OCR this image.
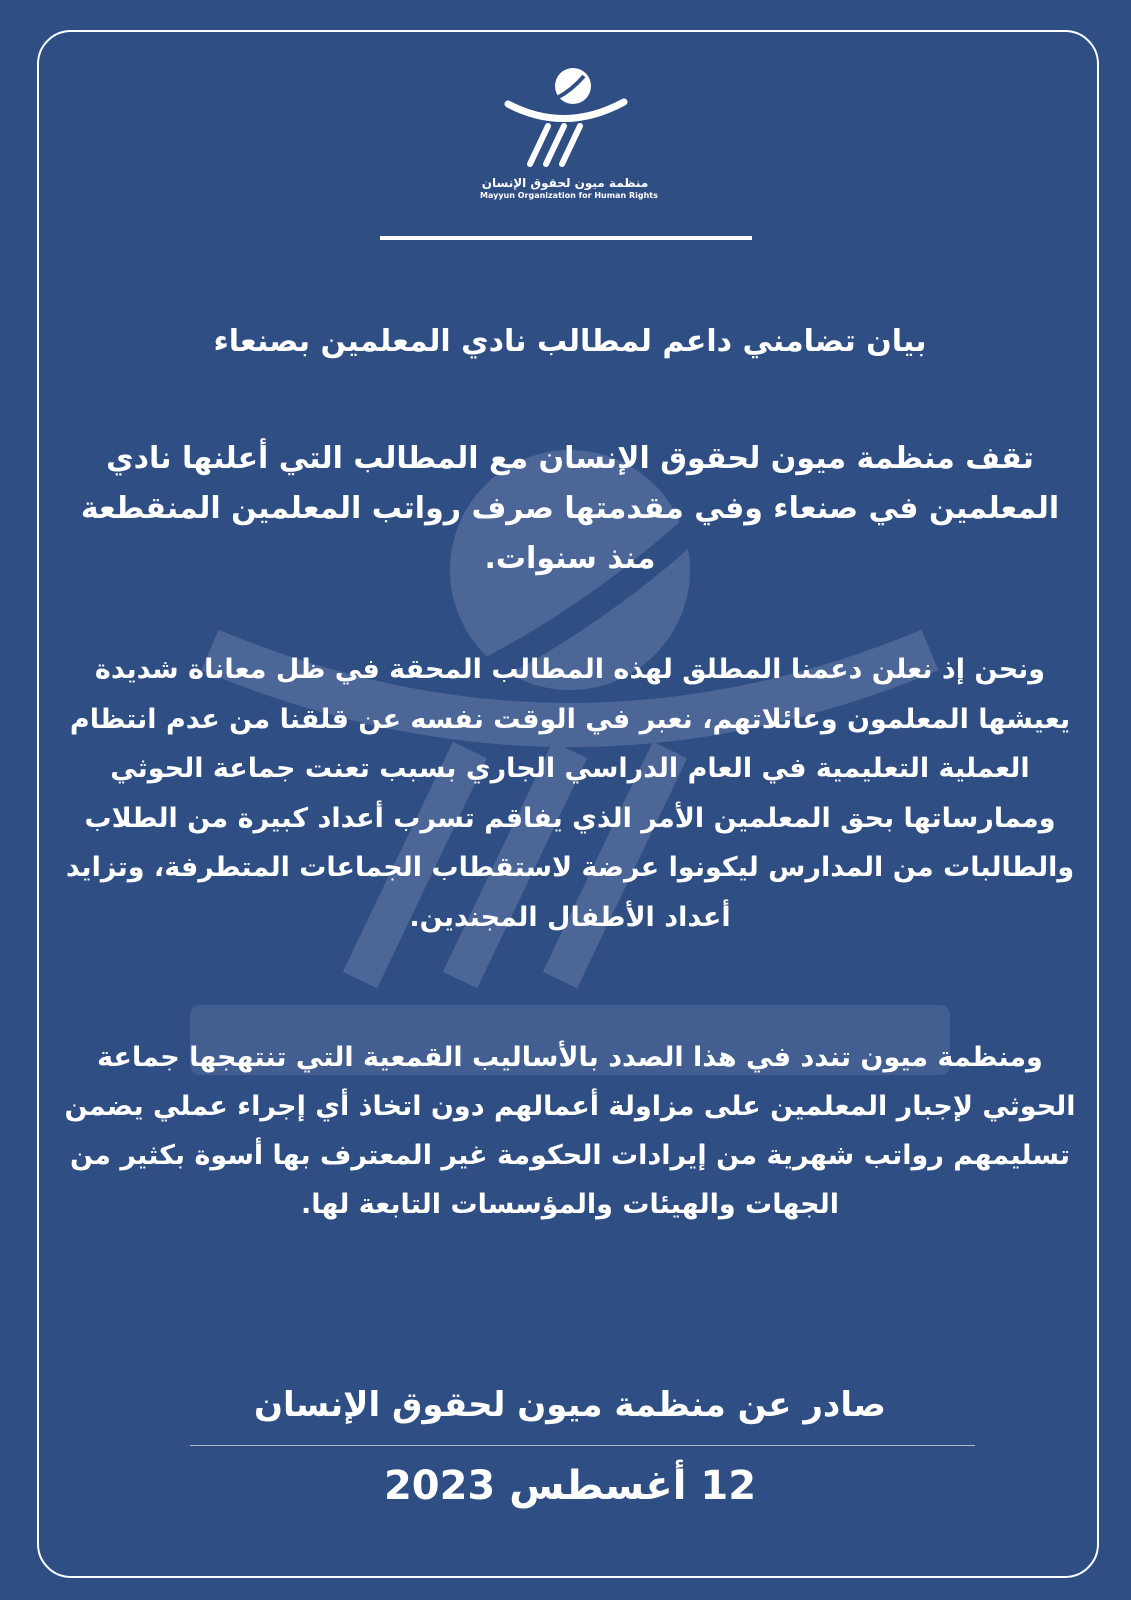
منظمة ميون لحقوق الإنسان
Mayyun Organization for Human Rights
بيان تضامني داعم لمطالب نادي المعلمين بصنعاء
تقف منظمة ميون لحقوق الإنسان مع المطالب التي أعلنها نادي المعلمين في صنعاء وفي مقدمتها صرف رواتب المعلمين المنقطعة منذ سنوات.
ونحن إذ نعلن دعمنا المطلق لهذه المطالب المحقة في ظل معاناة شديدة يعيشها المعلمون وعائلاتهم، نعبر في الوقت نفسه عن قلقنا من عدم انتظام العملية التعليمية في العام الدراسي الجاري بسبب تعنت جماعة الحوثي وممارساتها بحق المعلمين الأمر الذي يفاقم تسرب أعداد كبيرة من الطلاب والطالبات من المدارس ليكونوا عرضة لاستقطاب الجماعات المتطرفة، وتزايد أعداد الأطفال المجندين.
ومنظمة ميون تندد في هذا الصدد بالأساليب القمعية التي تنتهجها جماعة الحوثي لإجبار المعلمين على مزاولة أعمالهم دون اتخاذ أي إجراء عملي يضمن تسليمهم رواتب شهرية من إيرادات الحكومة غير المعترف بها أسوة بكثير من الجهات والهيئات والمؤسسات التابعة لها.
صادر عن منظمة ميون لحقوق الإنسان
12 أغسطس 2023
